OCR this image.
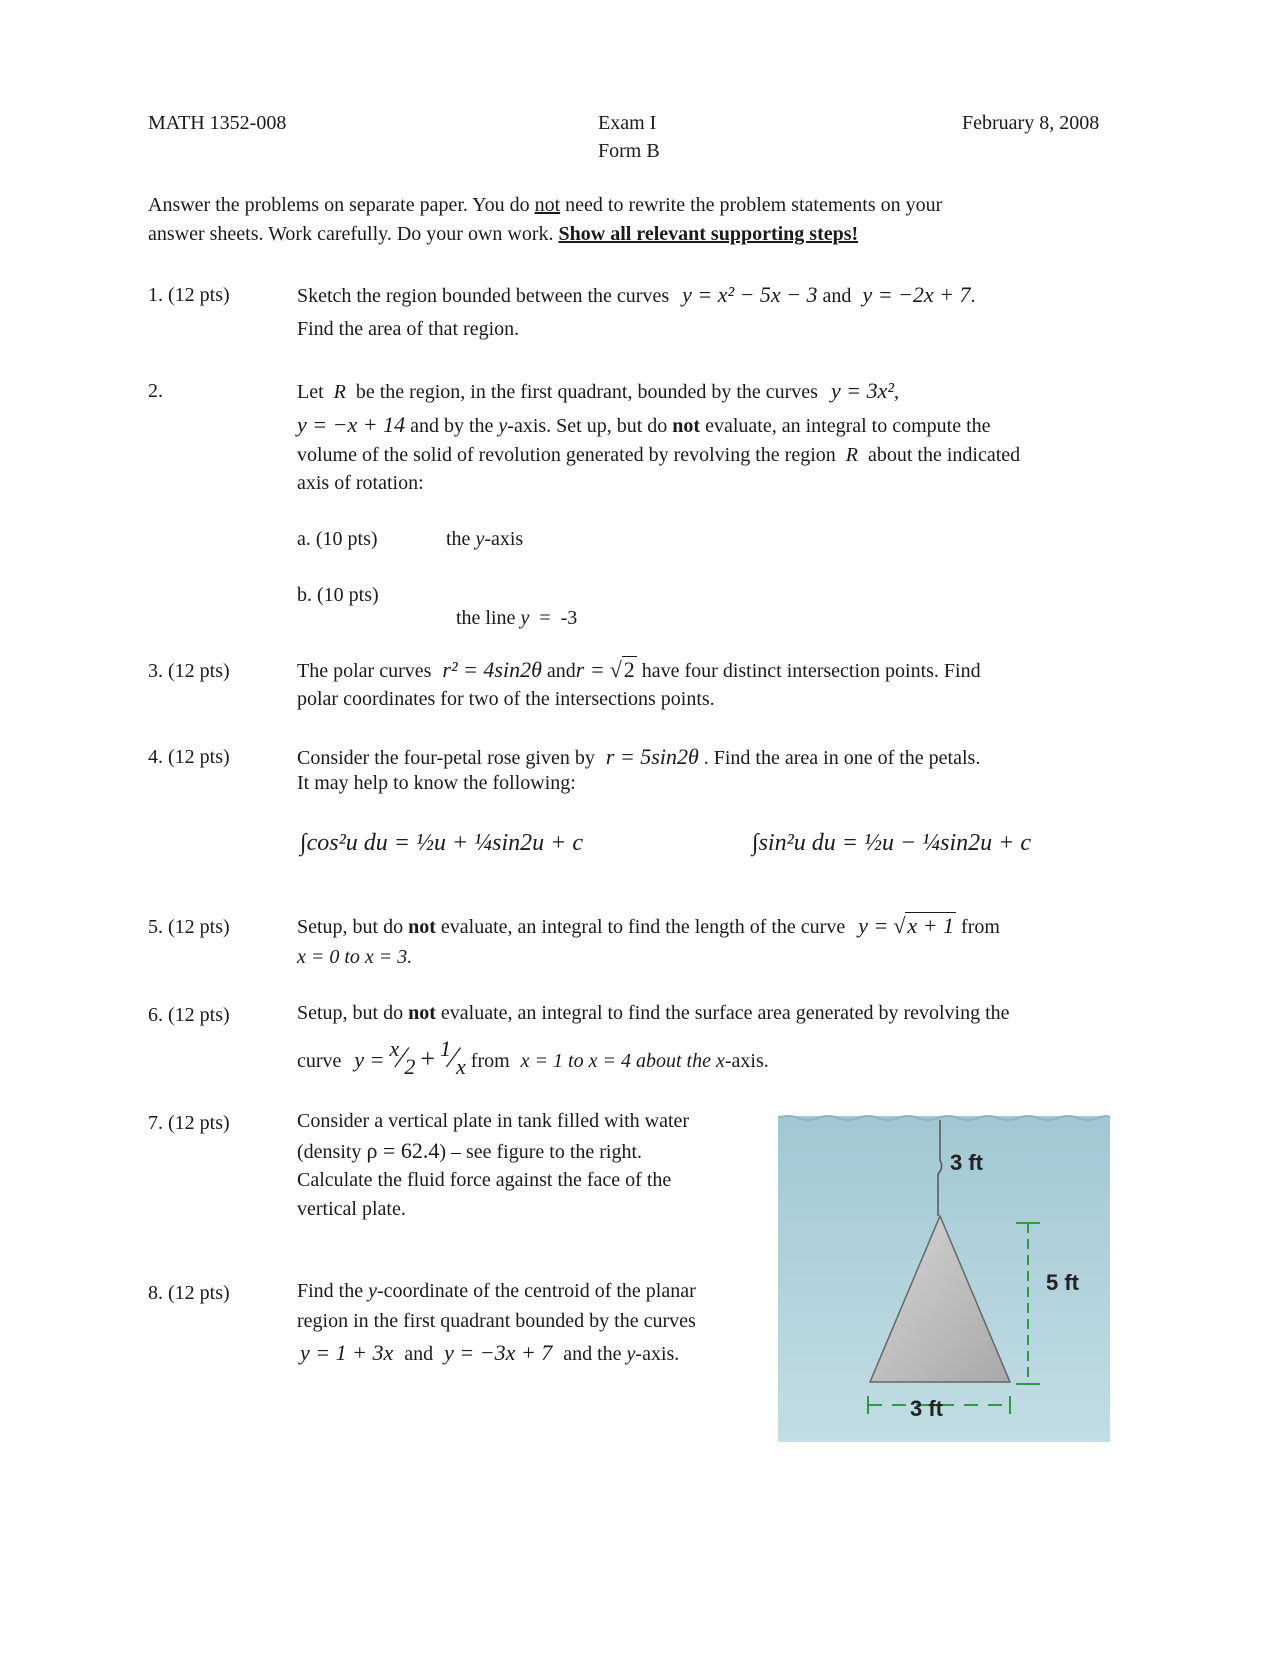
MATH 1352-008	Exam I
Form B
February 8, 2008
Answer the problems on separate paper. You do not need to rewrite the problem statements on your
answer sheets. Work carefully. Do your own work. Show all relevant supporting steps!
1. (12 pts)	Sketch the region bounded between the curves y = x² − 5x − 3 and y = −2x + 7.
Find the area of that region.
2.	Let R be the region, in the first quadrant, bounded by the curves y = 3x²,
y = −x + 14 and by the y-axis. Set up, but do not evaluate, an integral to compute the
volume of the solid of revolution generated by revolving the region R about the indicated
axis of rotation:
a. (10 pts)	the y-axis
b. (10 pts)

the line y  =  -3

3. (12 pts)	The polar curves r² = 4sin2θ andr = √2 have four distinct intersection points. Find
polar coordinates for two of the intersections points.
4. (12 pts)	Consider the four-petal rose given by r = 5sin2θ . Find the area in one of the petals.
It may help to know the following:
∫cos²u du = ½u + ¼sin2u + c	∫sin²u du = ½u − ¼sin2u + c
5. (12 pts)	Setup, but do not evaluate, an integral to find the length of the curve y = √x + 1 from
x = 0 to x = 3.
6. (12 pts)	Setup, but do not evaluate, an integral to find the surface area generated by revolving the
curve $y = ^x⁄_2$ + $^1⁄_x$ from x = 1 to x = 4 about the x-axis.
7. (12 pts)	Consider a vertical plate in tank filled with water
(density ρ = 62.4) – see figure to the right.
Calculate the fluid force against the face of the
vertical plate.
8. (12 pts)	Find the y-coordinate of the centroid of the planar
region in the first quadrant bounded by the curves
y = 1 + 3x and y = −3x + 7 and the y-axis.
3 ft
5 ft
3 ft
